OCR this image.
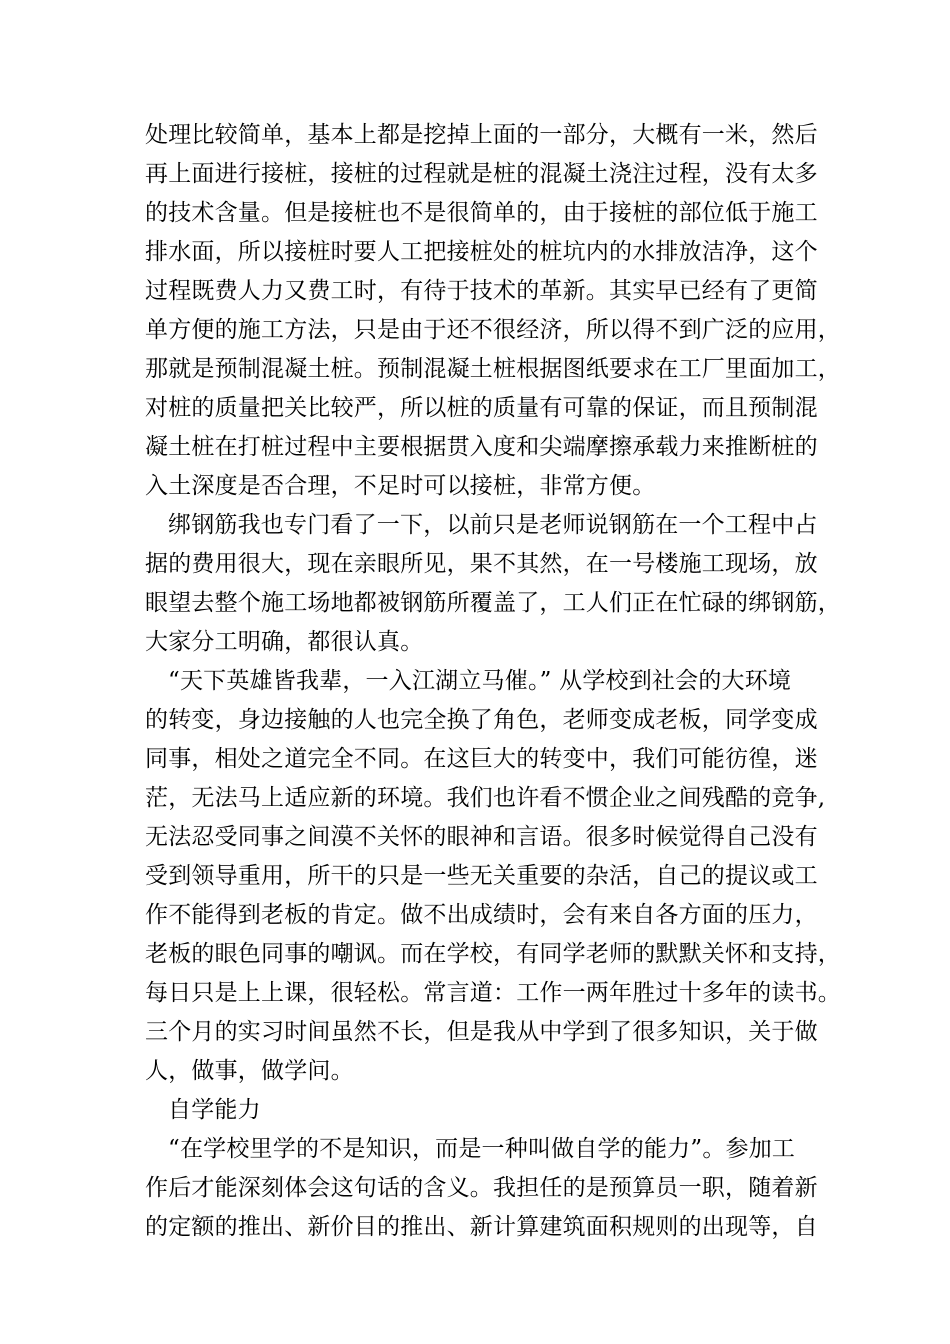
处理比较简单，基本上都是挖掉上面的一部分，大概有一米，然后
再上面进行接桩，接桩的过程就是桩的混凝土浇注过程，没有太多
的技术含量。但是接桩也不是很简单的，由于接桩的部位低于施工
排水面，所以接桩时要人工把接桩处的桩坑内的水排放洁净，这个
过程既费人力又费工时，有待于技术的革新。其实早已经有了更简
单方便的施工方法，只是由于还不很经济，所以得不到广泛的应用，
那就是预制混凝土桩。预制混凝土桩根据图纸要求在工厂里面加工，
对桩的质量把关比较严，所以桩的质量有可靠的保证，而且预制混
凝土桩在打桩过程中主要根据贯入度和尖端摩擦承载力来推断桩的
入土深度是否合理，不足时可以接桩，非常方便。
绑钢筋我也专门看了一下，以前只是老师说钢筋在一个工程中占
据的费用很大，现在亲眼所见，果不其然，在一号楼施工现场，放
眼望去整个施工场地都被钢筋所覆盖了，工人们正在忙碌的绑钢筋，
大家分工明确，都很认真。
“天下英雄皆我辈，一入江湖立马催。” 从学校到社会的大环境
的转变，身边接触的人也完全换了角色，老师变成老板，同学变成
同事，相处之道完全不同。在这巨大的转变中，我们可能彷徨，迷
茫，无法马上适应新的环境。我们也许看不惯企业之间残酷的竞争,
无法忍受同事之间漠不关怀的眼神和言语。很多时候觉得自己没有
受到领导重用，所干的只是一些无关重要的杂活，自己的提议或工
作不能得到老板的肯定。做不出成绩时，会有来自各方面的压力，
老板的眼色同事的嘲讽。而在学校，有同学老师的默默关怀和支持，
每日只是上上课，很轻松。常言道：工作一两年胜过十多年的读书。
三个月的实习时间虽然不长，但是我从中学到了很多知识，关于做
人，做事，做学问。
自学能力
“在学校里学的不是知识，而是一种叫做自学的能力”。参加工
作后才能深刻体会这句话的含义。我担任的是预算员一职，随着新
的定额的推出、新价目的推出、新计算建筑面积规则的出现等，自
